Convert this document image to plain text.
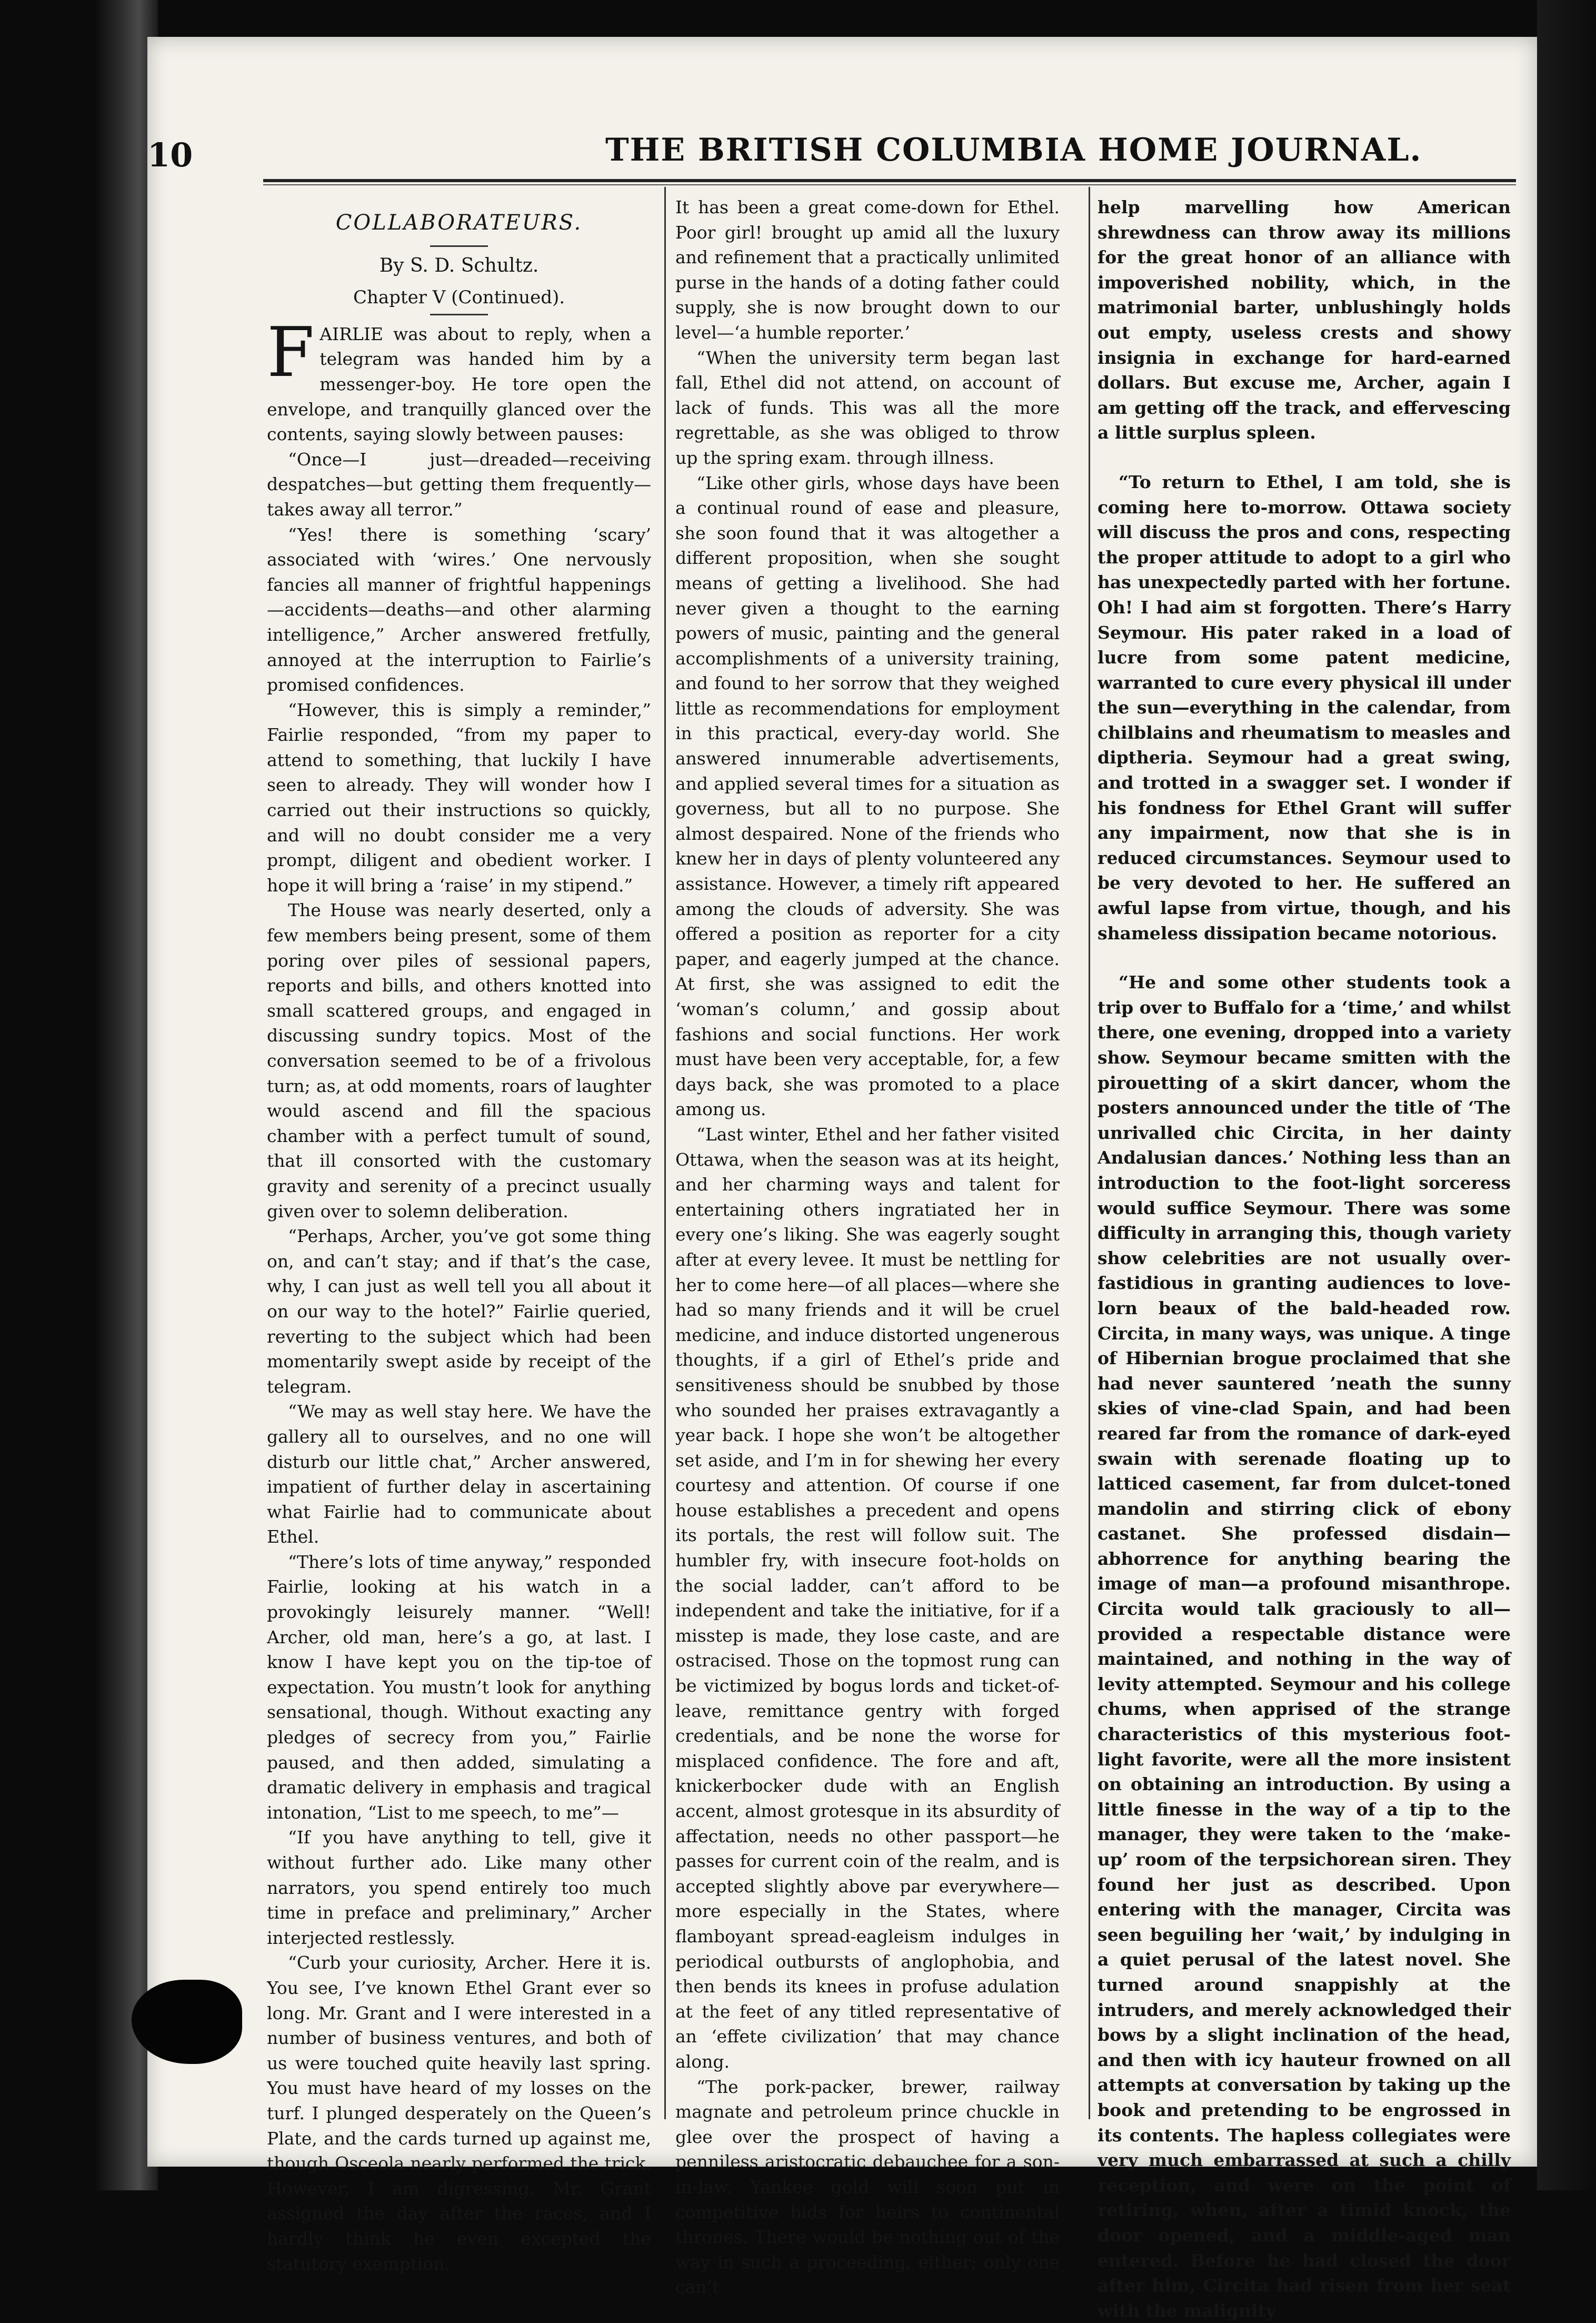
10	THE BRITISH COLUMBIA HOME JOURNAL.
COLLABORATEURS.
By S. D. Schultz.
Chapter V (Continued).
F AIRLIE was about to reply, when a telegram was handed him by a messenger-boy. He tore open the envelope, and tranquilly glanced over the contents, saying slowly between pauses:

“Once—I just—dreaded—receiving despatches—but getting them frequently—takes away all terror.”

“Yes! there is something ‘scary’ associated with ‘wires.’ One nervously fancies all manner of frightful happenings—accidents—deaths—and other alarming intelligence,” Archer answered fretfully, annoyed at the interruption to Fairlie’s promised confidences.

“However, this is simply a reminder,” Fairlie responded, “from my paper to attend to something, that luckily I have seen to already. They will wonder how I carried out their instructions so quickly, and will no doubt consider me a very prompt, diligent and obedient worker. I hope it will bring a ‘raise’ in my stipend.”

The House was nearly deserted, only a few members being present, some of them poring over piles of sessional papers, reports and bills, and others knotted into small scattered groups, and engaged in discussing sundry topics. Most of the conversation seemed to be of a frivolous turn; as, at odd moments, roars of laughter would ascend and fill the spacious chamber with a perfect tumult of sound, that ill consorted with the customary gravity and serenity of a precinct usually given over to solemn deliberation.

“Perhaps, Archer, you’ve got some thing on, and can’t stay; and if that’s the case, why, I can just as well tell you all about it on our way to the hotel?” Fairlie queried, reverting to the subject which had been momentarily swept aside by receipt of the telegram.

“We may as well stay here. We have the gallery all to ourselves, and no one will disturb our little chat,” Archer answered, impatient of further delay in ascertaining what Fairlie had to communicate about Ethel.

“There’s lots of time anyway,” responded Fairlie, looking at his watch in a provokingly leisurely manner. “Well! Archer, old man, here’s a go, at last. I know I have kept you on the tip-toe of expectation. You mustn’t look for anything sensational, though. Without exacting any pledges of secrecy from you,” Fairlie paused, and then added, simulating a dramatic delivery in emphasis and tragical intonation, “List to me speech, to me”—

“If you have anything to tell, give it without further ado. Like many other narrators, you spend entirely too much time in preface and preliminary,” Archer interjected restlessly.

“Curb your curiosity, Archer. Here it is. You see, I’ve known Ethel Grant ever so long. Mr. Grant and I were interested in a number of business ventures, and both of us were touched quite heavily last spring. You must have heard of my losses on the turf. I plunged desperately on the Queen’s Plate, and the cards turned up against me, though Osceola nearly performed the trick. However, I am digressing. Mr. Grant assigned the day after the races, and I hardly think he even excepted the statutory exemption.

It has been a great come-down for Ethel. Poor girl! brought up amid all the luxury and refinement that a practically unlimited purse in the hands of a doting father could supply, she is now brought down to our level—‘a humble reporter.’

“When the university term began last fall, Ethel did not attend, on account of lack of funds. This was all the more regrettable, as she was obliged to throw up the spring exam. through illness.

“Like other girls, whose days have been a continual round of ease and pleasure, she soon found that it was altogether a different proposition, when she sought means of getting a livelihood. She had never given a thought to the earning powers of music, painting and the general accomplishments of a university training, and found to her sorrow that they weighed little as recommendations for employment in this practical, every-day world. She answered innumerable advertisements, and applied several times for a situation as governess, but all to no purpose. She almost despaired. None of the friends who knew her in days of plenty volunteered any assistance. However, a timely rift appeared among the clouds of adversity. She was offered a position as reporter for a city paper, and eagerly jumped at the chance. At first, she was assigned to edit the ‘woman’s column,’ and gossip about fashions and social functions. Her work must have been very acceptable, for, a few days back, she was promoted to a place among us.

“Last winter, Ethel and her father visited Ottawa, when the season was at its height, and her charming ways and talent for entertaining others ingratiated her in every one’s liking. She was eagerly sought after at every levee. It must be nettling for her to come here—of all places—where she had so many friends and it will be cruel medicine, and induce distorted ungenerous thoughts, if a girl of Ethel’s pride and sensitiveness should be snubbed by those who sounded her praises extravagantly a year back. I hope she won’t be altogether set aside, and I’m in for shewing her every courtesy and attention. Of course if one house establishes a precedent and opens its portals, the rest will follow suit. The humbler fry, with insecure foot-holds on the social ladder, can’t afford to be independent and take the initiative, for if a misstep is made, they lose caste, and are ostracised. Those on the topmost rung can be victimized by bogus lords and ticket-of-leave, remittance gentry with forged credentials, and be none the worse for misplaced confidence. The fore and aft, knickerbocker dude with an English accent, almost grotesque in its absurdity of affectation, needs no other passport—he passes for current coin of the realm, and is accepted slightly above par everywhere—more especially in the States, where flamboyant spread-eagleism indulges in periodical outbursts of anglophobia, and then bends its knees in profuse adulation at the feet of any titled representative of an ‘effete civilization’ that may chance along.

“The pork-packer, brewer, railway magnate and petroleum prince chuckle in glee over the prospect of having a penniless aristocratic debauchee for a son-in-law. Yankee gold will soon put in competitive bids for heirs to continental thrones. There would be nothing out of the way in such a proceeding, either; only one can’t

help marvelling how American shrewdness can throw away its millions for the great honor of an alliance with impoverished nobility, which, in the matrimonial barter, unblushingly holds out empty, useless crests and showy insignia in exchange for hard-earned dollars. But excuse me, Archer, again I am getting off the track, and effervescing a little surplus spleen.

“To return to Ethel, I am told, she is coming here to-morrow. Ottawa society will discuss the pros and cons, respecting the proper attitude to adopt to a girl who has unexpectedly parted with her fortune. Oh! I had aim st forgotten. There’s Harry Seymour. His pater raked in a load of lucre from some patent medicine, warranted to cure every physical ill under the sun—everything in the calendar, from chilblains and rheumatism to measles and diptheria. Seymour had a great swing, and trotted in a swagger set. I wonder if his fondness for Ethel Grant will suffer any impairment, now that she is in reduced circumstances. Seymour used to be very devoted to her. He suffered an awful lapse from virtue, though, and his shameless dissipation became notorious.

“He and some other students took a trip over to Buffalo for a ‘time,’ and whilst there, one evening, dropped into a variety show. Seymour became smitten with the pirouetting of a skirt dancer, whom the posters announced under the title of ‘The unrivalled chic Circita, in her dainty Andalusian dances.’ Nothing less than an introduction to the foot-light sorceress would suffice Seymour. There was some difficulty in arranging this, though variety show celebrities are not usually over-fastidious in granting audiences to love-lorn beaux of the bald-headed row. Circita, in many ways, was unique. A tinge of Hibernian brogue proclaimed that she had never sauntered ’neath the sunny skies of vine-clad Spain, and had been reared far from the romance of dark-eyed swain with serenade floating up to latticed casement, far from dulcet-toned mandolin and stirring click of ebony castanet. She professed disdain—abhorrence for anything bearing the image of man—a profound misanthrope. Circita would talk graciously to all—provided a respectable distance were maintained, and nothing in the way of levity attempted. Seymour and his college chums, when apprised of the strange characteristics of this mysterious foot-light favorite, were all the more insistent on obtaining an introduction. By using a little finesse in the way of a tip to the manager, they were taken to the ‘make-up’ room of the terpsichorean siren. They found her just as described. Upon entering with the manager, Circita was seen beguiling her ‘wait,’ by indulging in a quiet perusal of the latest novel. She turned around snappishly at the intruders, and merely acknowledged their bows by a slight inclination of the head, and then with icy hauteur frowned on all attempts at conversation by taking up the book and pretending to be engrossed in its contents. The hapless collegiates were very much embarrassed at such a chilly reception, and were on the point of retiring, when, after a timid knock, the door opened, and a middle-aged man entered. Before he had closed the door after him, Circita had risen from her seat with the malignity
